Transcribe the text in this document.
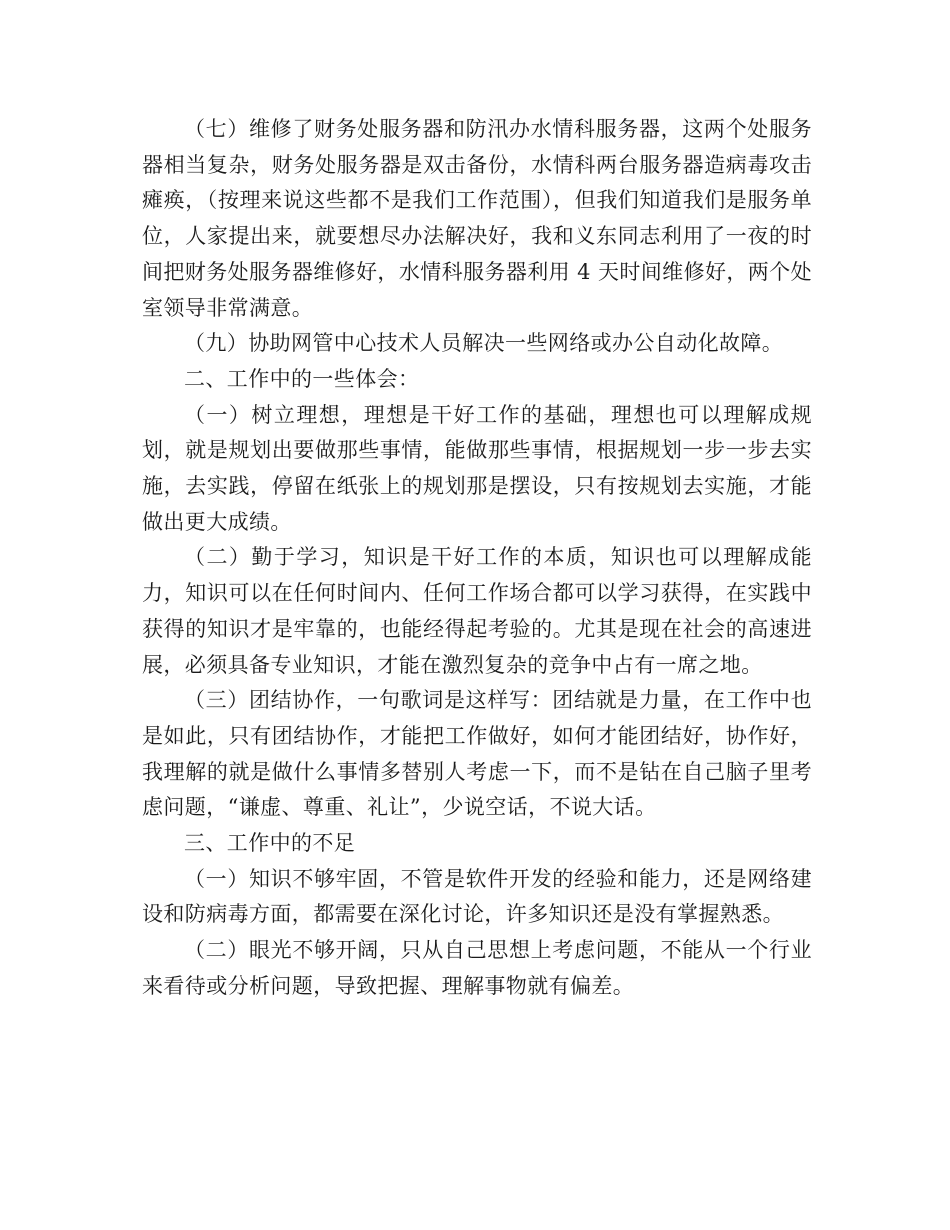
（七）维修了财务处服务器和防汛办水情科服务器，这两个处服务器相当复杂，财务处服务器是双击备份，水情科两台服务器造病毒攻击瘫痪，（按理来说这些都不是我们工作范围），但我们知道我们是服务单位，人家提出来，就要想尽办法解决好，我和义东同志利用了一夜的时间把财务处服务器维修好，水情科服务器利用 4 天时间维修好，两个处室领导非常满意。

（九）协助网管中心技术人员解决一些网络或办公自动化故障。

二、工作中的一些体会：

（一）树立理想，理想是干好工作的基础，理想也可以理解成规划，就是规划出要做那些事情，能做那些事情，根据规划一步一步去实施，去实践，停留在纸张上的规划那是摆设，只有按规划去实施，才能做出更大成绩。

（二）勤于学习，知识是干好工作的本质，知识也可以理解成能力，知识可以在任何时间内、任何工作场合都可以学习获得，在实践中获得的知识才是牢靠的，也能经得起考验的。尤其是现在社会的高速进展，必须具备专业知识，才能在激烈复杂的竞争中占有一席之地。

（三）团结协作，一句歌词是这样写：团结就是力量，在工作中也是如此，只有团结协作，才能把工作做好，如何才能团结好，协作好，我理解的就是做什么事情多替别人考虑一下，而不是钻在自己脑子里考虑问题，“谦虚、尊重、礼让”，少说空话，不说大话。

三、工作中的不足

（一）知识不够牢固，不管是软件开发的经验和能力，还是网络建设和防病毒方面，都需要在深化讨论，许多知识还是没有掌握熟悉。

（二）眼光不够开阔，只从自己思想上考虑问题，不能从一个行业来看待或分析问题，导致把握、理解事物就有偏差。
